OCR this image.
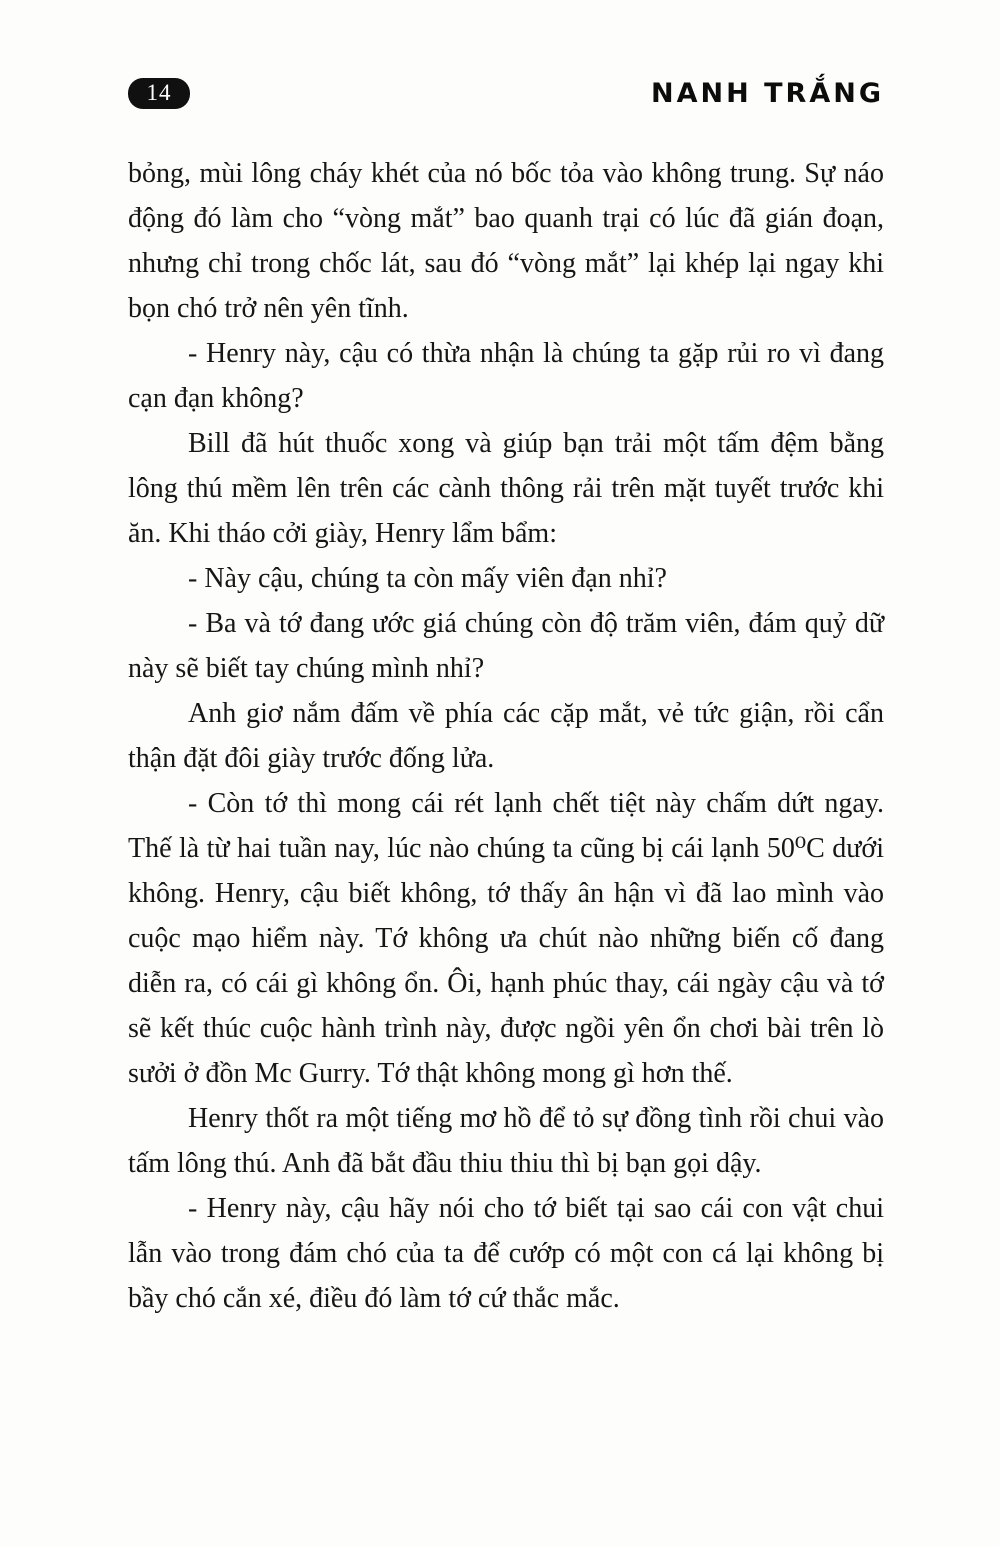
14	NANH TRẮNG

bỏng, mùi lông cháy khét của nó bốc tỏa vào không trung. Sự náo động đó làm cho “vòng mắt” bao quanh trại có lúc đã gián đoạn, nhưng chỉ trong chốc lát, sau đó “vòng mắt” lại khép lại ngay khi bọn chó trở nên yên tĩnh.

- Henry này, cậu có thừa nhận là chúng ta gặp rủi ro vì đang cạn đạn không?

Bill đã hút thuốc xong và giúp bạn trải một tấm đệm bằng lông thú mềm lên trên các cành thông rải trên mặt tuyết trước khi ăn. Khi tháo cởi giày, Henry lẩm bẩm:

- Này cậu, chúng ta còn mấy viên đạn nhỉ?

- Ba và tớ đang ước giá chúng còn độ trăm viên, đám quỷ dữ này sẽ biết tay chúng mình nhỉ?

Anh giơ nắm đấm về phía các cặp mắt, vẻ tức giận, rồi cẩn thận đặt đôi giày trước đống lửa.

- Còn tớ thì mong cái rét lạnh chết tiệt này chấm dứt ngay. Thế là từ hai tuần nay, lúc nào chúng ta cũng bị cái lạnh 50⁰C dưới không. Henry, cậu biết không, tớ thấy ân hận vì đã lao mình vào cuộc mạo hiểm này. Tớ không ưa chút nào những biến cố đang diễn ra, có cái gì không ổn. Ôi, hạnh phúc thay, cái ngày cậu và tớ sẽ kết thúc cuộc hành trình này, được ngồi yên ổn chơi bài trên lò sưởi ở đồn Mc Gurry. Tớ thật không mong gì hơn thế.

Henry thốt ra một tiếng mơ hồ để tỏ sự đồng tình rồi chui vào tấm lông thú. Anh đã bắt đầu thiu thiu thì bị bạn gọi dậy.

- Henry này, cậu hãy nói cho tớ biết tại sao cái con vật chui lẫn vào trong đám chó của ta để cướp có một con cá lại không bị bầy chó cắn xé, điều đó làm tớ cứ thắc mắc.
